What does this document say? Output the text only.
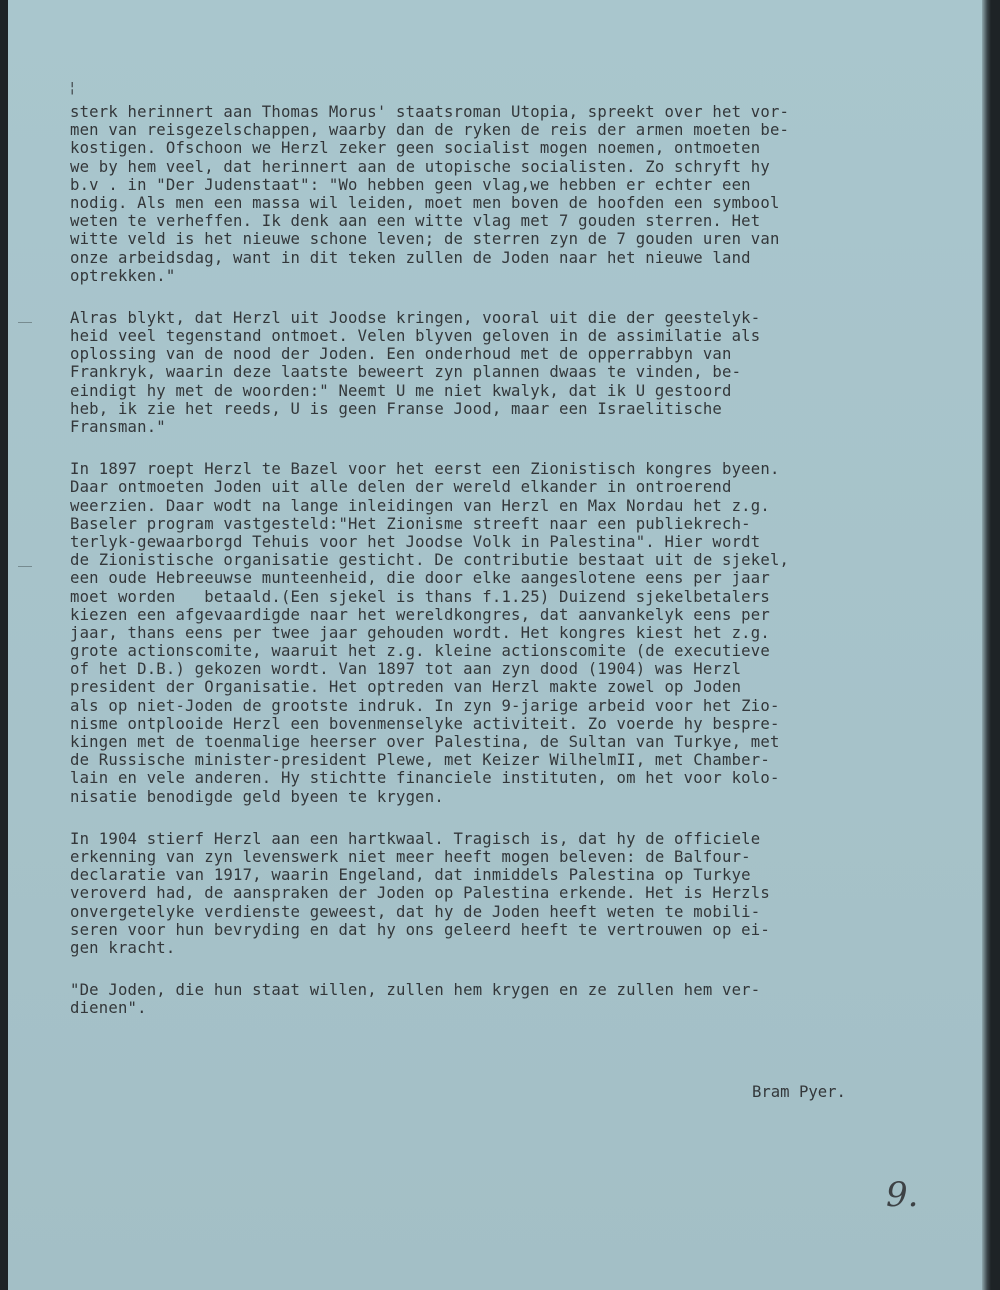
¦
sterk herinnert aan Thomas Morus' staatsroman Utopia, spreekt over het vor-
men van reisgezelschappen, waarby dan de ryken de reis der armen moeten be-
kostigen. Ofschoon we Herzl zeker geen socialist mogen noemen, ontmoeten
we by hem veel, dat herinnert aan de utopische socialisten. Zo schryft hy
b.v . in "Der Judenstaat": "Wo hebben geen vlag,we hebben er echter een
nodig. Als men een massa wil leiden, moet men boven de hoofden een symbool
weten te verheffen. Ik denk aan een witte vlag met 7 gouden sterren. Het
witte veld is het nieuwe schone leven; de sterren zyn de 7 gouden uren van
onze arbeidsdag, want in dit teken zullen de Joden naar het nieuwe land
optrekken."
Alras blykt, dat Herzl uit Joodse kringen, vooral uit die der geestelyk-
heid veel tegenstand ontmoet. Velen blyven geloven in de assimilatie als
oplossing van de nood der Joden. Een onderhoud met de opperrabbyn van
Frankryk, waarin deze laatste beweert zyn plannen dwaas te vinden, be-
eindigt hy met de woorden:" Neemt U me niet kwalyk, dat ik U gestoord
heb, ik zie het reeds, U is geen Franse Jood, maar een Israelitische
Fransman."
In 1897 roept Herzl te Bazel voor het eerst een Zionistisch kongres byeen.
Daar ontmoeten Joden uit alle delen der wereld elkander in ontroerend
weerzien. Daar wodt na lange inleidingen van Herzl en Max Nordau het z.g.
Baseler program vastgesteld:"Het Zionisme streeft naar een publiekrech-
terlyk-gewaarborgd Tehuis voor het Joodse Volk in Palestina". Hier wordt
de Zionistische organisatie gesticht. De contributie bestaat uit de sjekel,
een oude Hebreeuwse munteenheid, die door elke aangeslotene eens per jaar
moet worden   betaald.(Een sjekel is thans f.1.25) Duizend sjekelbetalers
kiezen een afgevaardigde naar het wereldkongres, dat aanvankelyk eens per
jaar, thans eens per twee jaar gehouden wordt. Het kongres kiest het z.g.
grote actionscomite, waaruit het z.g. kleine actionscomite (de executieve
of het D.B.) gekozen wordt. Van 1897 tot aan zyn dood (1904) was Herzl
president der Organisatie. Het optreden van Herzl makte zowel op Joden
als op niet-Joden de grootste indruk. In zyn 9-jarige arbeid voor het Zio-
nisme ontplooide Herzl een bovenmenselyke activiteit. Zo voerde hy bespre-
kingen met de toenmalige heerser over Palestina, de Sultan van Turkye, met
de Russische minister-president Plewe, met Keizer WilhelmII, met Chamber-
lain en vele anderen. Hy stichtte financiele instituten, om het voor kolo-
nisatie benodigde geld byeen te krygen.
In 1904 stierf Herzl aan een hartkwaal. Tragisch is, dat hy de officiele
erkenning van zyn levenswerk niet meer heeft mogen beleven: de Balfour-
declaratie van 1917, waarin Engeland, dat inmiddels Palestina op Turkye
veroverd had, de aanspraken der Joden op Palestina erkende. Het is Herzls
onvergetelyke verdienste geweest, dat hy de Joden heeft weten te mobili-
seren voor hun bevryding en dat hy ons geleerd heeft te vertrouwen op ei-
gen kracht.
"De Joden, die hun staat willen, zullen hem krygen en ze zullen hem ver-
dienen".
Bram Pyer.
9.
